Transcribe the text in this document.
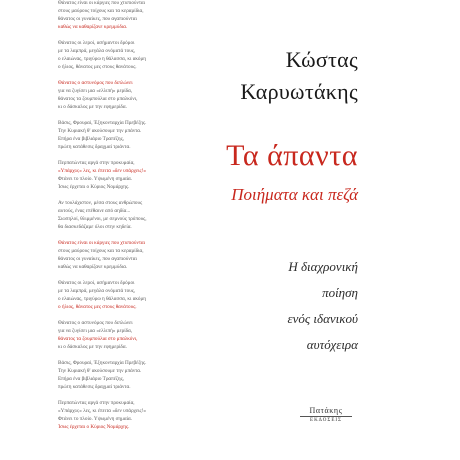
Θάνατος είναι οι κάργιες που χτυπιούνται
στους μαύρους τοίχους και τα κεραμίδια,
θάνατος οι γυναίκες, που αγαπιούνται
καθώς να καθαρίζανε κρεμμύδια.
Θάνατος οι λεροί, ασήμαντοι δρόμοι
με τα λαμπρά, μεγάλα ονόματά τους,
ο ελαιώνας, τριγύρω η θάλασσα, κι ακόμη
ο ήλιος, θάνατος μες στους θανάτους.
Θάνατος ο αστυνόμος που διπλώνει
για να ζυγίσει μια «ελλιπή» μερίδα,
θάνατος τα ζουμπούλια στο μπαλκόνι,
κι ο δάσκαλος με την εφημερίδα.
Βάσις, Φρουραί, Έξηκονταρχία Πρεβέζης.
Την Κυριακή θ' ακούσουμε την μπάντα.
Επήρα ένα βιβλιάριο Τραπέζης,
πρώτη κατάθεσις δραχμαί τριάντα.
Περπατώντας αργά στην προκυμαία,
«Υπάρχω;» λες, κι έπειτα «δεν υπάρχεις!»
Φτάνει το πλοίο. Υψωμένη σημαία.
Ίσως έρχεται ο Κύριος Νομάρχης.
Αν τουλάχιστον, μέσα στους ανθρώπους
αυτούς, ένας επέθαινε από αηδία...
Σιωπηλοί, θλιμμένοι, με σεμνούς τρόπους,
θα διασκεδάζαμε όλοι στην κηδεία.
Θάνατος είναι οι κάργιες που χτυπιούνται
στους μαύρους τοίχους και τα κεραμίδια,
θάνατος οι γυναίκες, που αγαπιούνται
καθώς να καθαρίζανε κρεμμύδια.
Θάνατος οι λεροί, ασήμαντοι δρόμοι
με τα λαμπρά, μεγάλα ονόματά τους,
ο ελαιώνας, τριγύρω η θάλασσα, κι ακόμη
ο ήλιος, θάνατος μες στους θανάτους.
Θάνατος ο αστυνόμος που διπλώνει
για να ζυγίσει μια «ελλιπή» μερίδα,
θάνατος τα ζουμπούλια στο μπαλκόνι,
κι ο δάσκαλος με την εφημερίδα.
Βάσις, Φρουραί, Έξηκονταρχία Πρεβέζης.
Την Κυριακή θ' ακούσουμε την μπάντα.
Επήρα ένα βιβλιάριο Τραπέζης,
πρώτη κατάθεσις δραχμαί τριάντα.
Περπατώντας αργά στην προκυμαία,
«Υπάρχω;» λες, κι έπειτα «δεν υπάρχεις!»
Φτάνει το πλοίο. Υψωμένη σημαία.
Ίσως έρχεται ο Κύριος Νομάρχης.
Κώστας
Καρυωτάκης
Τα άπαντα
Ποιήματα και πεζά
Η διαχρονική
ποίηση
ενός ιδανικού
αυτόχειρα
Πατάκης
ΕΚΔΟΣΕΙΣ
